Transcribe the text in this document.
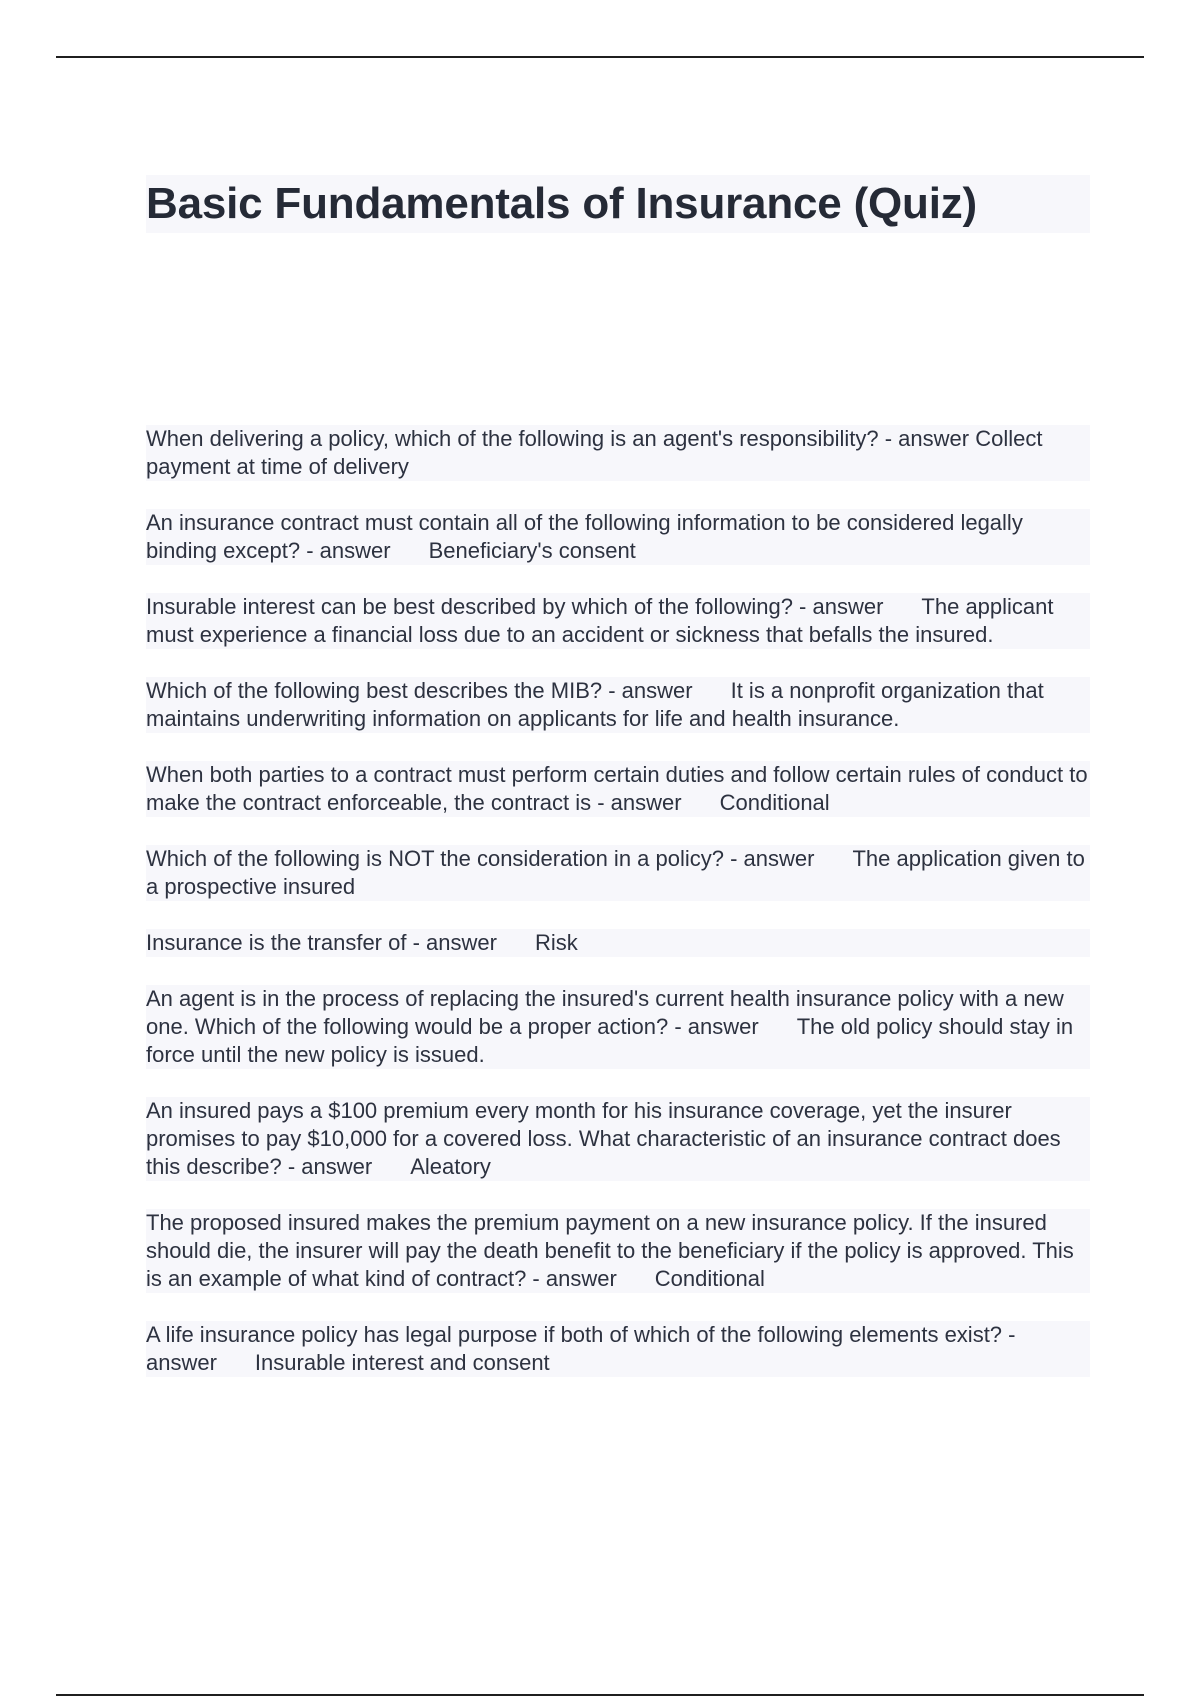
Basic Fundamentals of Insurance (Quiz)

When delivering a policy, which of the following is an agent's responsibility? - answer Collect payment at time of delivery

An insurance contract must contain all of the following information to be considered legally binding except? - answer Beneficiary's consent

Insurable interest can be best described by which of the following? - answer The applicant must experience a financial loss due to an accident or sickness that befalls the insured.

Which of the following best describes the MIB? - answer It is a nonprofit organization that maintains underwriting information on applicants for life and health insurance.

When both parties to a contract must perform certain duties and follow certain rules of conduct to make the contract enforceable, the contract is - answer Conditional

Which of the following is NOT the consideration in a policy? - answer The application given to a prospective insured

Insurance is the transfer of - answer Risk

An agent is in the process of replacing the insured's current health insurance policy with a new one. Which of the following would be a proper action? - answer The old policy should stay in force until the new policy is issued.

An insured pays a $100 premium every month for his insurance coverage, yet the insurer promises to pay $10,000 for a covered loss. What characteristic of an insurance contract does this describe? - answer Aleatory

The proposed insured makes the premium payment on a new insurance policy. If the insured should die, the insurer will pay the death benefit to the beneficiary if the policy is approved. This is an example of what kind of contract? - answer Conditional

A life insurance policy has legal purpose if both of which of the following elements exist? - answer Insurable interest and consent
